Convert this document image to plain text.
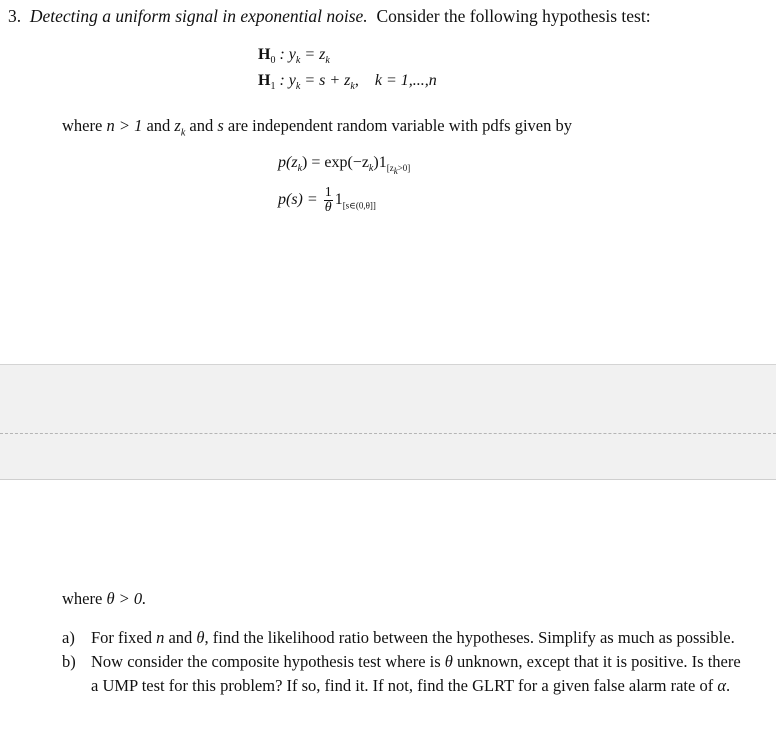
3. Detecting a uniform signal in exponential noise. Consider the following hypothesis test:
$H_0$ : $y_k = z_k$
$H_1$ : $y_k = s + z_k$,    k = 1,...,n
where n > 1 and $z_k$ and s are independent random variable with pdfs given by
$p(z_k) = \exp(-z_k)1_{[z_k>0]}$
$p(s) = \frac{1}{\theta} 1_{[s\in(0,\theta]]}$
where θ > 0.
a) For fixed n and θ, find the likelihood ratio between the hypotheses. Simplify as much as possible.
b) Now consider the composite hypothesis test where is θ unknown, except that it is positive. Is there a UMP test for this problem? If so, find it. If not, find the GLRT for a given false alarm rate of α.
